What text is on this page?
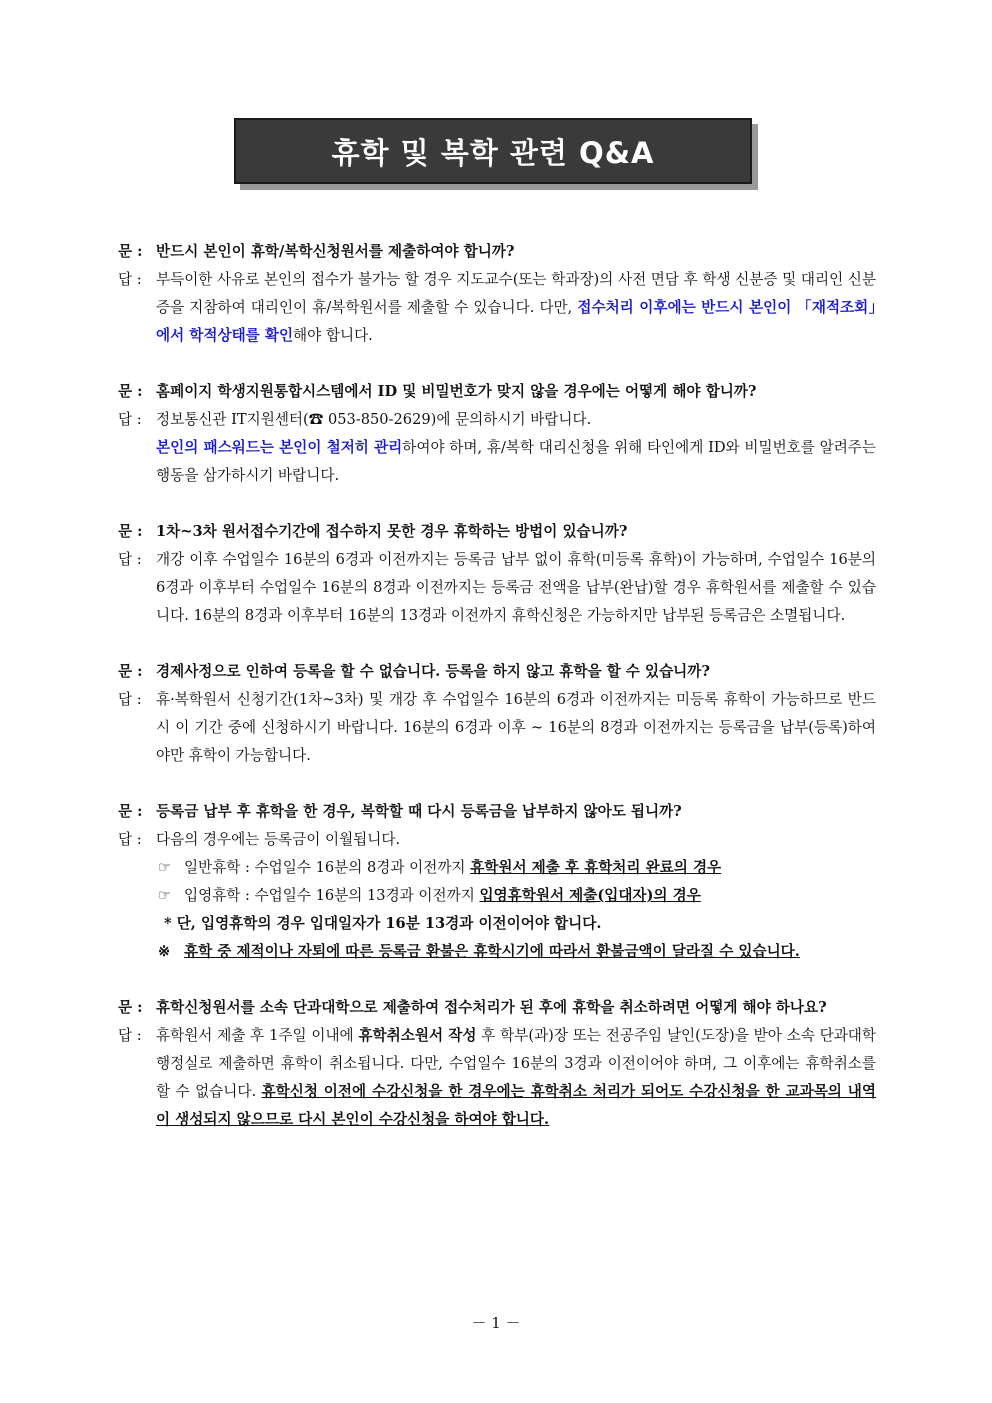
휴학 및 복학 관련 Q&A
문 : 반드시 본인이 휴학/복학신청원서를 제출하여야 합니까?
답 : 부득이한 사유로 본인의 접수가 불가능 할 경우 지도교수(또는 학과장)의 사전 면담 후 학생 신분증 및 대리인 신분증을 지참하여 대리인이 휴/복학원서를 제출할 수 있습니다. 다만, 접수처리 이후에는 반드시 본인이 「재적조회」에서 학적상태를 확인해야 합니다.
문 : 홈페이지 학생지원통합시스템에서 ID 및 비밀번호가 맞지 않을 경우에는 어떻게 해야 합니까?
답 : 정보통신관 IT지원센터(☎ 053-850-2629)에 문의하시기 바랍니다.
본인의 패스워드는 본인이 철저히 관리하여야 하며, 휴/복학 대리신청을 위해 타인에게 ID와 비밀번호를 알려주는 행동을 삼가하시기 바랍니다.
문 : 1차~3차 원서접수기간에 접수하지 못한 경우 휴학하는 방법이 있습니까?
답 : 개강 이후 수업일수 16분의 6경과 이전까지는 등록금 납부 없이 휴학(미등록 휴학)이 가능하며, 수업일수 16분의 6경과 이후부터 수업일수 16분의 8경과 이전까지는 등록금 전액을 납부(완납)할 경우 휴학원서를 제출할 수 있습니다. 16분의 8경과 이후부터 16분의 13경과 이전까지 휴학신청은 가능하지만 납부된 등록금은 소멸됩니다.
문 : 경제사정으로 인하여 등록을 할 수 없습니다. 등록을 하지 않고 휴학을 할 수 있습니까?
답 : 휴·복학원서 신청기간(1차~3차) 및 개강 후 수업일수 16분의 6경과 이전까지는 미등록 휴학이 가능하므로 반드시 이 기간 중에 신청하시기 바랍니다. 16분의 6경과 이후 ~ 16분의 8경과 이전까지는 등록금을 납부(등록)하여야만 휴학이 가능합니다.
문 : 등록금 납부 후 휴학을 한 경우, 복학할 때 다시 등록금을 납부하지 않아도 됩니까?
답 : 다음의 경우에는 등록금이 이월됩니다.
☞ 일반휴학 : 수업일수 16분의 8경과 이전까지 휴학원서 제출 후 휴학처리 완료의 경우
☞ 입영휴학 : 수업일수 16분의 13경과 이전까지 입영휴학원서 제출(입대자)의 경우
* 단, 입영휴학의 경우 입대일자가 16분 13경과 이전이어야 합니다.
※ 휴학 중 제적이나 자퇴에 따른 등록금 환불은 휴학시기에 따라서 환불금액이 달라질 수 있습니다.
문 : 휴학신청원서를 소속 단과대학으로 제출하여 접수처리가 된 후에 휴학을 취소하려면 어떻게 해야 하나요?
답 : 휴학원서 제출 후 1주일 이내에 휴학취소원서 작성 후 학부(과)장 또는 전공주임 날인(도장)을 받아 소속 단과대학 행정실로 제출하면 휴학이 취소됩니다. 다만, 수업일수 16분의 3경과 이전이어야 하며, 그 이후에는 휴학취소를 할 수 없습니다. 휴학신청 이전에 수강신청을 한 경우에는 휴학취소 처리가 되어도 수강신청을 한 교과목의 내역이 생성되지 않으므로 다시 본인이 수강신청을 하여야 합니다.
－ 1 －
